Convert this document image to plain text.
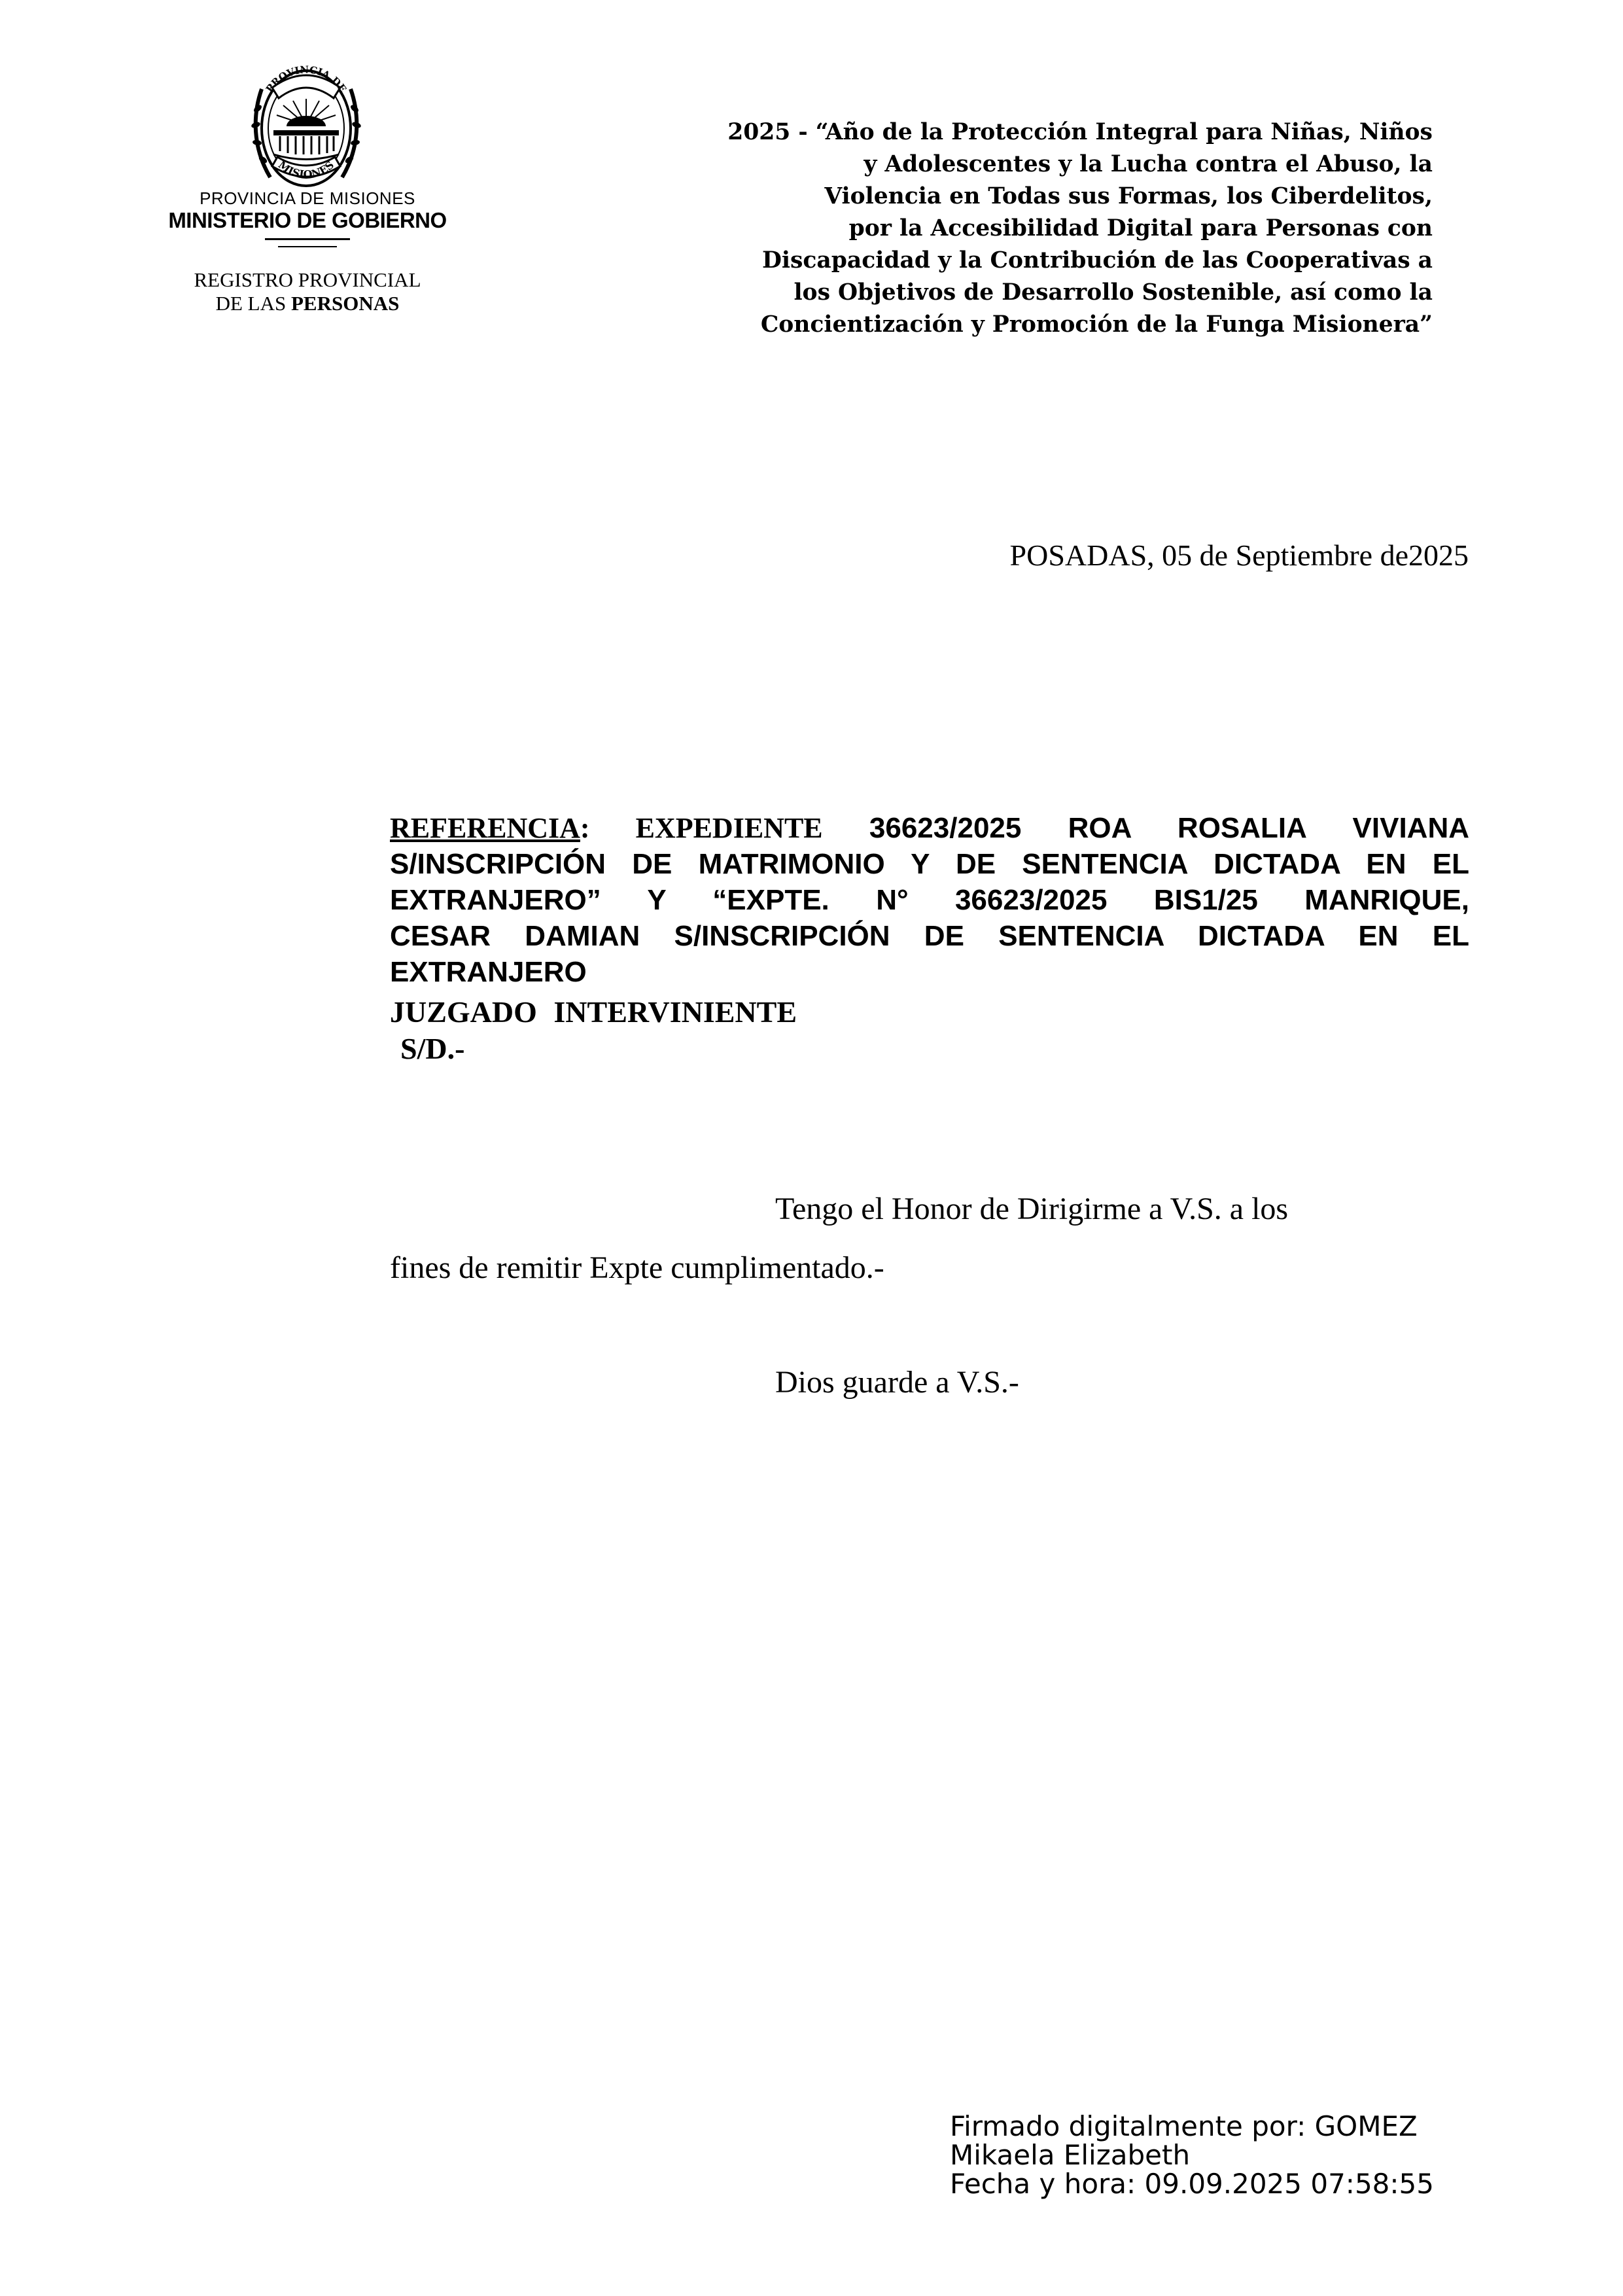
PROVINCIA DE
MISIONES
PROVINCIA DE MISIONES
MINISTERIO DE GOBIERNO
REGISTRO PROVINCIAL
DE LAS PERSONAS
2025 - “Año de la Protección Integral para Niñas, Niños
y Adolescentes y la Lucha contra el Abuso, la
Violencia en Todas sus Formas, los Ciberdelitos,
por la Accesibilidad Digital para Personas con
Discapacidad y la Contribución de las Cooperativas a
los Objetivos de Desarrollo Sostenible, así como la
Concientización y Promoción de la Funga Misionera”
POSADAS, 05 de Septiembre de2025
REFERENCIA: EXPEDIENTE 36623/2025 ROA ROSALIA VIVIANA
S/INSCRIPCIÓN DE MATRIMONIO Y DE SENTENCIA DICTADA EN EL
EXTRANJERO” Y “EXPTE. N° 36623/2025 BIS1/25 MANRIQUE,
CESAR DAMIAN S/INSCRIPCIÓN DE SENTENCIA DICTADA EN EL
EXTRANJERO
JUZGADO INTERVINIENTE
S/D.-
Tengo el Honor de Dirigirme a V.S. a los
fines de remitir Expte cumplimentado.-
Dios guarde a V.S.-
Firmado digitalmente por: GOMEZ
Mikaela Elizabeth
Fecha y hora: 09.09.2025 07:58:55
